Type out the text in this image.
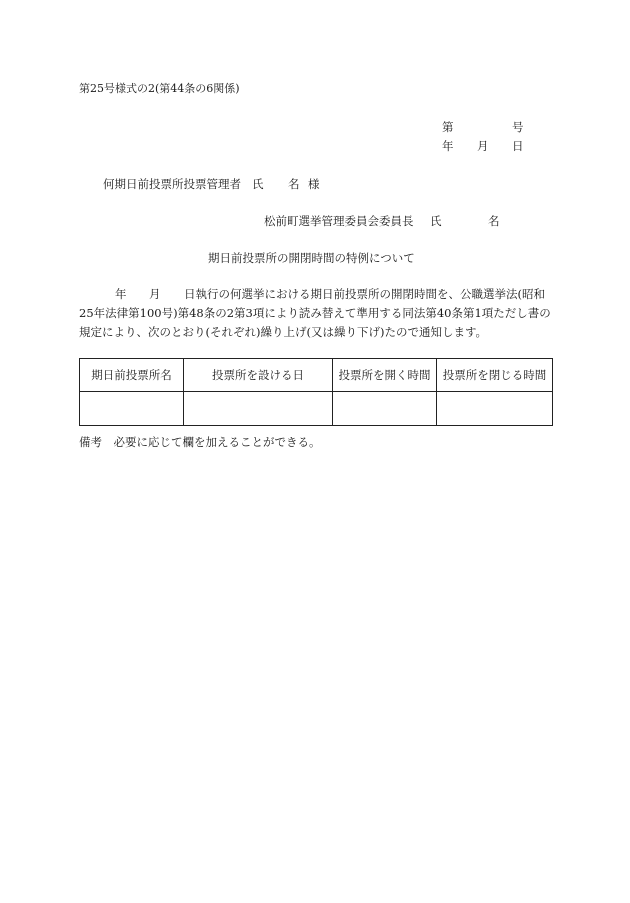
第25号様式の2(第44条の6関係)
第	号
年 月 日
何期日前投票所投票管理者 氏 名 様
松前町選挙管理委員会委員長 氏	名
期日前投票所の開閉時間の特例について
年 月 日執行の何選挙における期日前投票所の開閉時間を、公職選挙法(昭和
25年法律第100号)第48条の2第3項により読み替えて準用する同法第40条第1項ただし書の
規定により、次のとおり(それぞれ)繰り上げ(又は繰り下げ)たので通知します。
期日前投票所名	投票所を設ける日	投票所を開く時間	投票所を閉じる時間

備考　必要に応じて欄を加えることができる。
